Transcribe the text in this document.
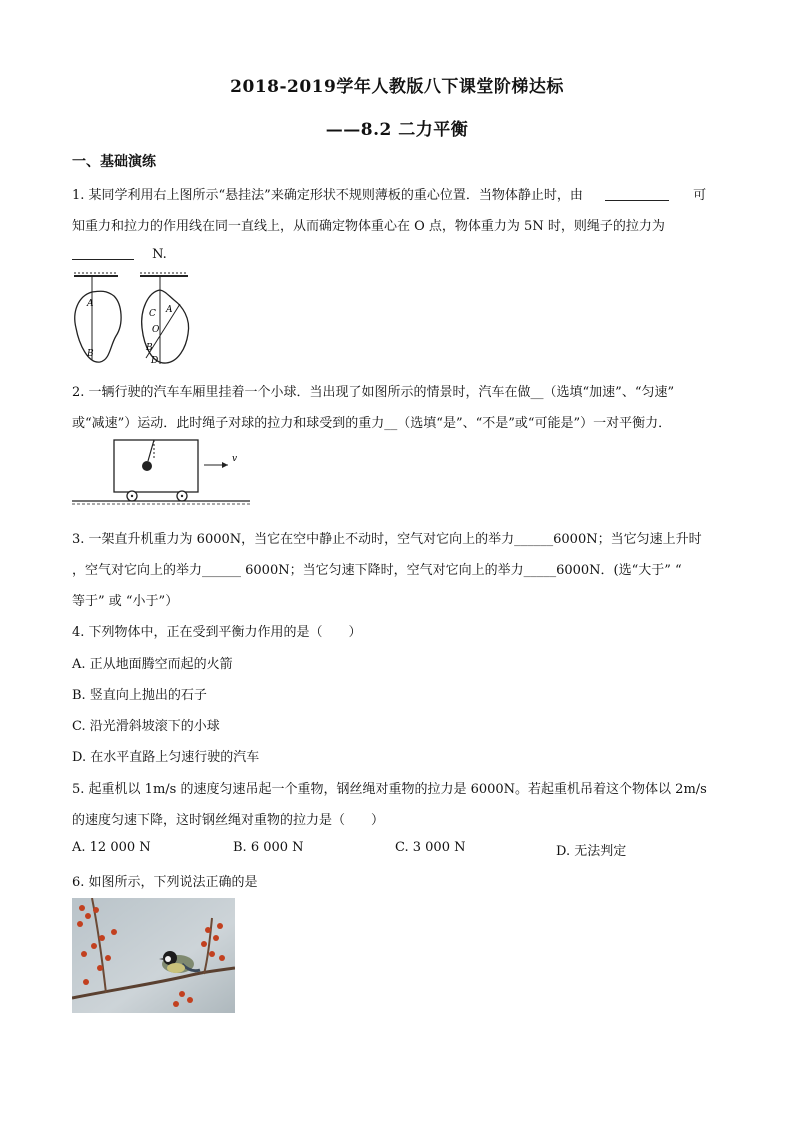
2018-2019学年人教版八下课堂阶梯达标
——8.2 二力平衡
一、基础演练
1. 某同学利用右上图所示“悬挂法”来确定形状不规则薄板的重心位置．当物体静止时，由	可
知重力和拉力的作用线在同一直线上，从而确定物体重心在 O 点，物体重力为 5N 时，则绳子的拉力为
N.
A
B
C A
O
B
D
2. 一辆行驶的汽车车厢里挂着一个小球．当出现了如图所示的情景时，汽车在做__（选填“加速”、“匀速”
或“减速”）运动．此时绳子对球的拉力和球受到的重力__（选填“是”、“不是”或“可能是”）一对平衡力．
v
3. 一架直升机重力为 6000N，当它在空中静止不动时，空气对它向上的举力______6000N；当它匀速上升时
，空气对它向上的举力______ 6000N；当它匀速下降时，空气对它向上的举力_____6000N．(选“大于” “
等于” 或 “小于”）
4. 下列物体中，正在受到平衡力作用的是（　　）
A. 正从地面腾空而起的火箭
B. 竖直向上抛出的石子
C. 沿光滑斜坡滚下的小球
D. 在水平直路上匀速行驶的汽车
5. 起重机以 1m/s 的速度匀速吊起一个重物，钢丝绳对重物的拉力是 6000N。若起重机吊着这个物体以 2m/s
的速度匀速下降，这时钢丝绳对重物的拉力是（　　）
A. 12 000 N	B. 6 000 N	C. 3 000 N	D. 无法判定
6. 如图所示，下列说法正确的是
